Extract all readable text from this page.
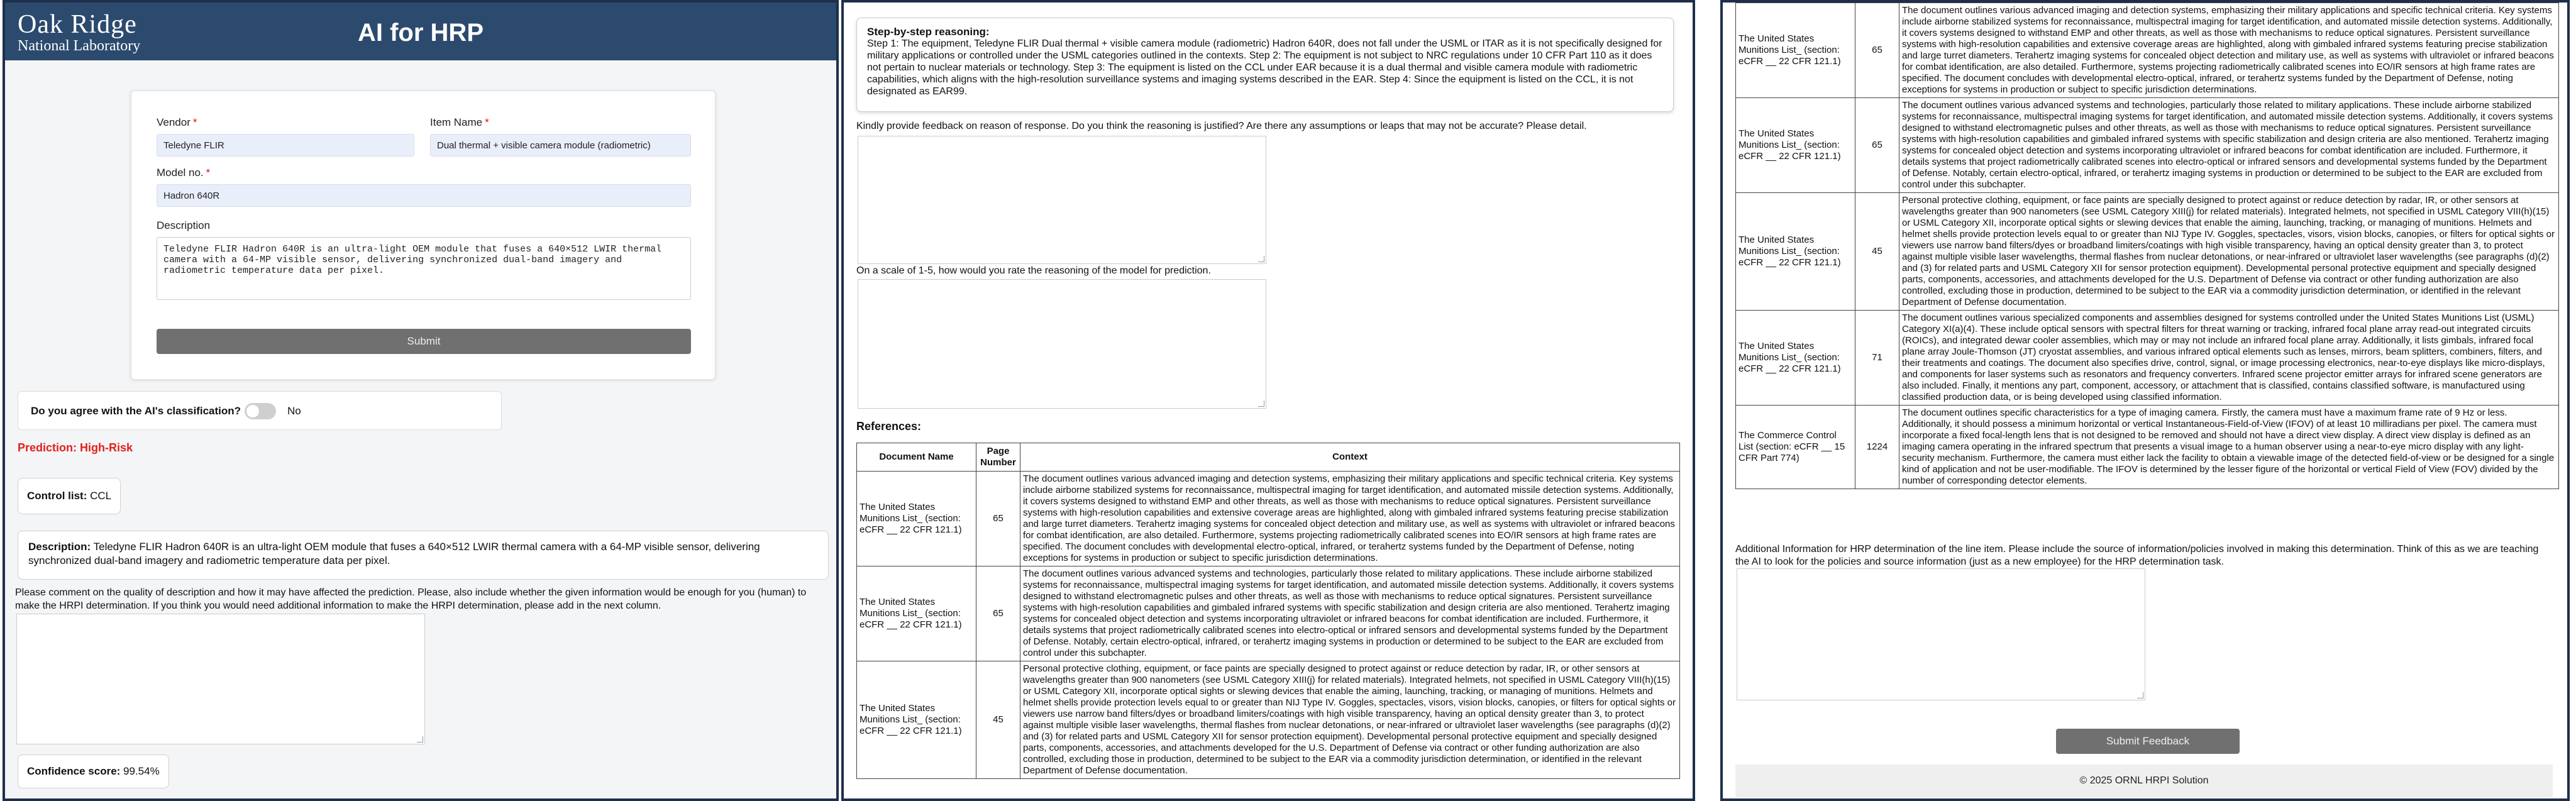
Oak Ridge
National Laboratory	AI for HRP
Vendor *
Teledyne FLIR
Item Name *
Dual thermal + visible camera module (radiometric)
Model no. *
Hadron 640R
Description
Teledyne FLIR Hadron 640R is an ultra-light OEM module that fuses a 640×512 LWIR thermal camera with a 64-MP visible sensor, delivering synchronized dual-band imagery and radiometric temperature data per pixel.
Submit
Do you agree with the AI's classification?	No
Prediction: High-Risk
Control list: CCL
Description: Teledyne FLIR Hadron 640R is an ultra-light OEM module that fuses a 640×512 LWIR thermal camera with a 64-MP visible sensor, delivering synchronized dual-band imagery and radiometric temperature data per pixel.
Please comment on the quality of description and how it may have affected the prediction. Please, also include whether the given information would be enough for you (human) to make the HRPI determination. If you think you would need additional information to make the HRPI determination, please add in the next column.
Confidence score: 99.54%
Step-by-step reasoning:
Step 1: The equipment, Teledyne FLIR Dual thermal + visible camera module (radiometric) Hadron 640R, does not fall under the USML or ITAR as it is not specifically designed for military applications or controlled under the USML categories outlined in the contexts. Step 2: The equipment is not subject to NRC regulations under 10 CFR Part 110 as it does not pertain to nuclear materials or technology. Step 3: The equipment is listed on the CCL under EAR because it is a dual thermal and visible camera module with radiometric capabilities, which aligns with the high-resolution surveillance systems and imaging systems described in the EAR. Step 4: Since the equipment is listed on the CCL, it is not designated as EAR99.
Kindly provide feedback on reason of response. Do you think the reasoning is justified? Are there any assumptions or leaps that may not be accurate? Please detail.
On a scale of 1-5, how would you rate the reasoning of the model for prediction.
References:
Document Name	Page Number	Context
The United States Munitions List_ (section: eCFR __ 22 CFR 121.1)	65	The document outlines various advanced imaging and detection systems, emphasizing their military applications and specific technical criteria. Key systems include airborne stabilized systems for reconnaissance, multispectral imaging for target identification, and automated missile detection systems. Additionally, it covers systems designed to withstand EMP and other threats, as well as those with mechanisms to reduce optical signatures. Persistent surveillance systems with high-resolution capabilities and extensive coverage areas are highlighted, along with gimbaled infrared systems featuring precise stabilization and large turret diameters. Terahertz imaging systems for concealed object detection and military use, as well as systems with ultraviolet or infrared beacons for combat identification, are also detailed. Furthermore, systems projecting radiometrically calibrated scenes into EO/IR sensors at high frame rates are specified. The document concludes with developmental electro-optical, infrared, or terahertz systems funded by the Department of Defense, noting exceptions for systems in production or subject to specific jurisdiction determinations.
The United States Munitions List_ (section: eCFR __ 22 CFR 121.1)	65	The document outlines various advanced systems and technologies, particularly those related to military applications. These include airborne stabilized systems for reconnaissance, multispectral imaging systems for target identification, and automated missile detection systems. Additionally, it covers systems designed to withstand electromagnetic pulses and other threats, as well as those with mechanisms to reduce optical signatures. Persistent surveillance systems with high-resolution capabilities and gimbaled infrared systems with specific stabilization and design criteria are also mentioned. Terahertz imaging systems for concealed object detection and systems incorporating ultraviolet or infrared beacons for combat identification are included. Furthermore, it details systems that project radiometrically calibrated scenes into electro-optical or infrared sensors and developmental systems funded by the Department of Defense. Notably, certain electro-optical, infrared, or terahertz imaging systems in production or determined to be subject to the EAR are excluded from control under this subchapter.
The United States Munitions List_ (section: eCFR __ 22 CFR 121.1)	45	Personal protective clothing, equipment, or face paints are specially designed to protect against or reduce detection by radar, IR, or other sensors at wavelengths greater than 900 nanometers (see USML Category XIII(j) for related materials). Integrated helmets, not specified in USML Category VIII(h)(15) or USML Category XII, incorporate optical sights or slewing devices that enable the aiming, launching, tracking, or managing of munitions. Helmets and helmet shells provide protection levels equal to or greater than NIJ Type IV. Goggles, spectacles, visors, vision blocks, canopies, or filters for optical sights or viewers use narrow band filters/dyes or broadband limiters/coatings with high visible transparency, having an optical density greater than 3, to protect against multiple visible laser wavelengths, thermal flashes from nuclear detonations, or near-infrared or ultraviolet laser wavelengths (see paragraphs (d)(2) and (3) for related parts and USML Category XII for sensor protection equipment). Developmental personal protective equipment and specially designed parts, components, accessories, and attachments developed for the U.S. Department of Defense via contract or other funding authorization are also controlled, excluding those in production, determined to be subject to the EAR via a commodity jurisdiction determination, or identified in the relevant Department of Defense documentation.
The United States Munitions List_ (section: eCFR __ 22 CFR 121.1)	65	The document outlines various advanced imaging and detection systems, emphasizing their military applications and specific technical criteria. Key systems include airborne stabilized systems for reconnaissance, multispectral imaging for target identification, and automated missile detection systems. Additionally, it covers systems designed to withstand EMP and other threats, as well as those with mechanisms to reduce optical signatures. Persistent surveillance systems with high-resolution capabilities and extensive coverage areas are highlighted, along with gimbaled infrared systems featuring precise stabilization and large turret diameters. Terahertz imaging systems for concealed object detection and military use, as well as systems with ultraviolet or infrared beacons for combat identification, are also detailed. Furthermore, systems projecting radiometrically calibrated scenes into EO/IR sensors at high frame rates are specified. The document concludes with developmental electro-optical, infrared, or terahertz systems funded by the Department of Defense, noting exceptions for systems in production or subject to specific jurisdiction determinations.
The United States Munitions List_ (section: eCFR __ 22 CFR 121.1)	65	The document outlines various advanced systems and technologies, particularly those related to military applications. These include airborne stabilized systems for reconnaissance, multispectral imaging systems for target identification, and automated missile detection systems. Additionally, it covers systems designed to withstand electromagnetic pulses and other threats, as well as those with mechanisms to reduce optical signatures. Persistent surveillance systems with high-resolution capabilities and gimbaled infrared systems with specific stabilization and design criteria are also mentioned. Terahertz imaging systems for concealed object detection and systems incorporating ultraviolet or infrared beacons for combat identification are included. Furthermore, it details systems that project radiometrically calibrated scenes into electro-optical or infrared sensors and developmental systems funded by the Department of Defense. Notably, certain electro-optical, infrared, or terahertz imaging systems in production or determined to be subject to the EAR are excluded from control under this subchapter.
The United States Munitions List_ (section: eCFR __ 22 CFR 121.1)	45	Personal protective clothing, equipment, or face paints are specially designed to protect against or reduce detection by radar, IR, or other sensors at wavelengths greater than 900 nanometers (see USML Category XIII(j) for related materials). Integrated helmets, not specified in USML Category VIII(h)(15) or USML Category XII, incorporate optical sights or slewing devices that enable the aiming, launching, tracking, or managing of munitions. Helmets and helmet shells provide protection levels equal to or greater than NIJ Type IV. Goggles, spectacles, visors, vision blocks, canopies, or filters for optical sights or viewers use narrow band filters/dyes or broadband limiters/coatings with high visible transparency, having an optical density greater than 3, to protect against multiple visible laser wavelengths, thermal flashes from nuclear detonations, or near-infrared or ultraviolet laser wavelengths (see paragraphs (d)(2) and (3) for related parts and USML Category XII for sensor protection equipment). Developmental personal protective equipment and specially designed parts, components, accessories, and attachments developed for the U.S. Department of Defense via contract or other funding authorization are also controlled, excluding those in production, determined to be subject to the EAR via a commodity jurisdiction determination, or identified in the relevant Department of Defense documentation.
The United States Munitions List_ (section: eCFR __ 22 CFR 121.1)	71	The document outlines various specialized components and assemblies designed for systems controlled under the United States Munitions List (USML) Category XI(a)(4). These include optical sensors with spectral filters for threat warning or tracking, infrared focal plane array read-out integrated circuits (ROICs), and integrated dewar cooler assemblies, which may or may not include an infrared focal plane array. Additionally, it lists gimbals, infrared focal plane array Joule-Thomson (JT) cryostat assemblies, and various infrared optical elements such as lenses, mirrors, beam splitters, combiners, filters, and their treatments and coatings. The document also specifies drive, control, signal, or image processing electronics, near-to-eye displays like micro-displays, and components for laser systems such as resonators and frequency converters. Infrared scene projector emitter arrays for infrared scene generators are also included. Finally, it mentions any part, component, accessory, or attachment that is classified, contains classified software, is manufactured using classified production data, or is being developed using classified information.
The Commerce Control List (section: eCFR __ 15 CFR Part 774)	1224	The document outlines specific characteristics for a type of imaging camera. Firstly, the camera must have a maximum frame rate of 9 Hz or less. Additionally, it should possess a minimum horizontal or vertical Instantaneous-Field-of-View (IFOV) of at least 10 milliradians per pixel. The camera must incorporate a fixed focal-length lens that is not designed to be removed and should not have a direct view display. A direct view display is defined as an imaging camera operating in the infrared spectrum that presents a visual image to a human observer using a near-to-eye micro display with any light-security mechanism. Furthermore, the camera must either lack the facility to obtain a viewable image of the detected field-of-view or be designed for a single kind of application and not be user-modifiable. The IFOV is determined by the lesser figure of the horizontal or vertical Field of View (FOV) divided by the number of corresponding detector elements.
Additional Information for HRP determination of the line item. Please include the source of information/policies involved in making this determination. Think of this as we are teaching the AI to look for the policies and source information (just as a new employee) for the HRP determination task.
Submit Feedback
© 2025 ORNL HRPI Solution
